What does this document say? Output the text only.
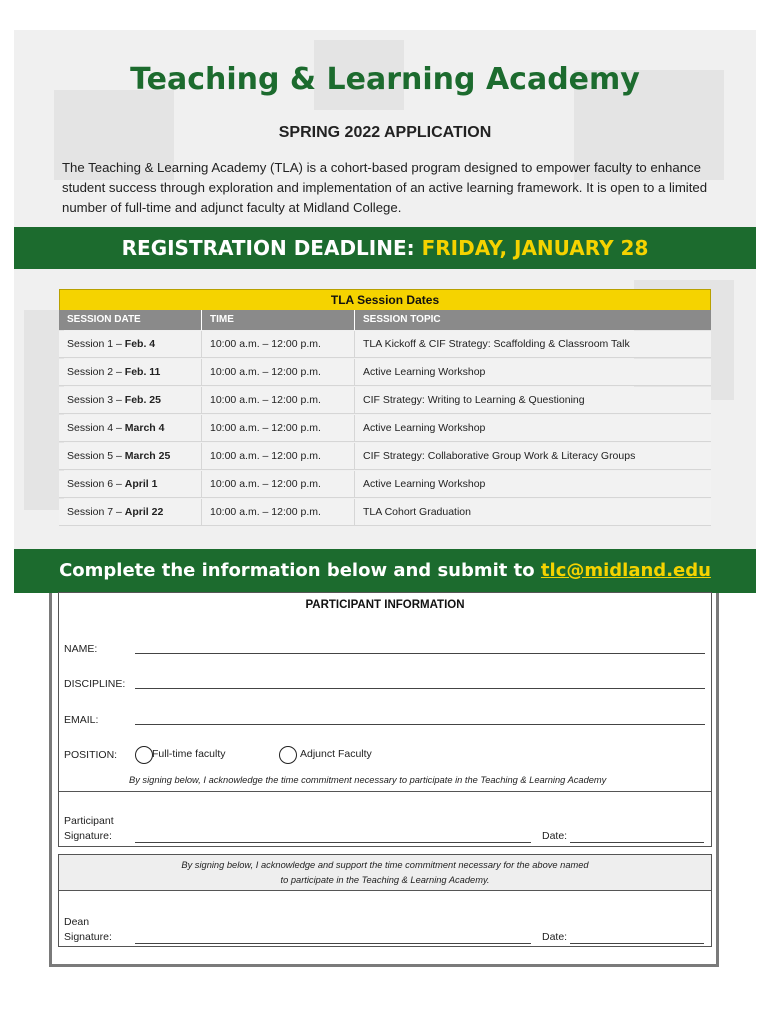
Teaching & Learning Academy
SPRING 2022 APPLICATION
The Teaching & Learning Academy (TLA) is a cohort-based program designed to empower faculty to enhance student success through exploration and implementation of an active learning framework. It is open to a limited number of full-time and adjunct faculty at Midland College.
REGISTRATION DEADLINE: FRIDAY, JANUARY 28
TLA Session Dates
SESSION DATE	TIME	SESSION TOPIC
Session 1 – Feb. 4	10:00 a.m. – 12:00 p.m.	TLA Kickoff & CIF Strategy: Scaffolding & Classroom Talk
Session 2 – Feb. 11	10:00 a.m. – 12:00 p.m.	Active Learning Workshop
Session 3 – Feb. 25	10:00 a.m. – 12:00 p.m.	CIF Strategy: Writing to Learning & Questioning
Session 4 – March 4	10:00 a.m. – 12:00 p.m.	Active Learning Workshop
Session 5 – March 25	10:00 a.m. – 12:00 p.m.	CIF Strategy: Collaborative Group Work & Literacy Groups
Session 6 – April 1	10:00 a.m. – 12:00 p.m.	Active Learning Workshop
Session 7 – April 22	10:00 a.m. – 12:00 p.m.	TLA Cohort Graduation
Complete the information below and submit to tlc@midland.edu
PARTICIPANT INFORMATION
NAME:
DISCIPLINE:
EMAIL:
POSITION:	Full-time faculty	Adjunct Faculty
By signing below, I acknowledge the time commitment necessary to participate in the Teaching & Learning Academy
Participant
Signature:	Date:
By signing below, I acknowledge and support the time commitment necessary for the above named
to participate in the Teaching & Learning Academy.
Dean
Signature:	Date:
